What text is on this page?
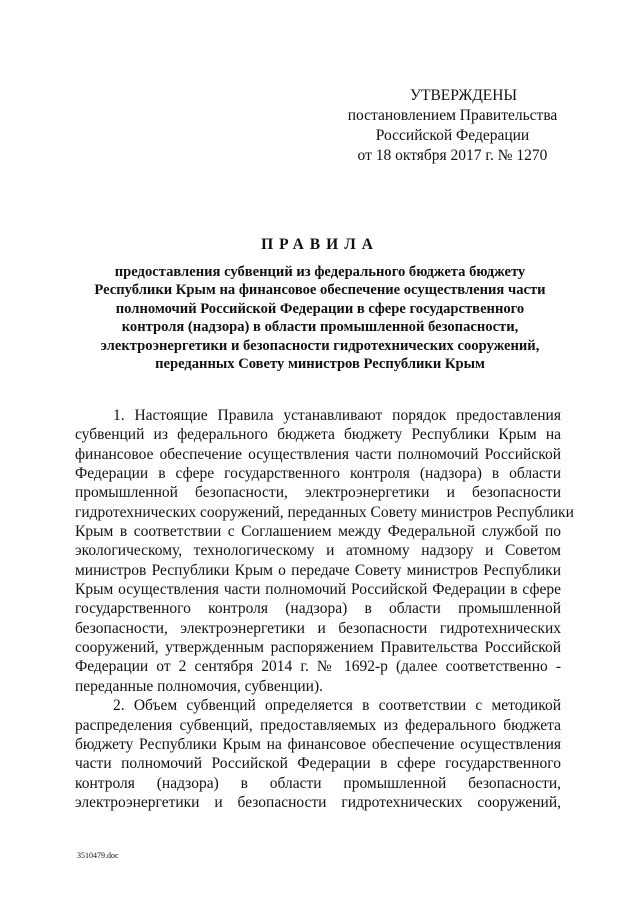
УТВЕРЖДЕНЫ
постановлением Правительства
Российской Федерации
от 18 октября 2017 г. № 1270
ПРАВИЛА
предоставления субвенций из федерального бюджета бюджету
Республики Крым на финансовое обеспечение осуществления части
полномочий Российской Федерации в сфере государственного
контроля (надзора) в области промышленной безопасности,
электроэнергетики и безопасности гидротехнических сооружений,
переданных Совету министров Республики Крым
1. Настоящие Правила устанавливают порядок предоставления
субвенций из федерального бюджета бюджету Республики Крым на
финансовое обеспечение осуществления части полномочий Российской
Федерации в сфере государственного контроля (надзора) в области
промышленной безопасности, электроэнергетики и безопасности
гидротехнических сооружений, переданных Совету министров Республики
Крым в соответствии с Соглашением между Федеральной службой по
экологическому, технологическому и атомному надзору и Советом
министров Республики Крым о передаче Совету министров Республики
Крым осуществления части полномочий Российской Федерации в сфере
государственного контроля (надзора) в области промышленной
безопасности, электроэнергетики и безопасности гидротехнических
сооружений, утвержденным распоряжением Правительства Российской
Федерации от 2 сентября 2014 г. № 1692-р (далее соответственно -
переданные полномочия, субвенции).
2. Объем субвенций определяется в соответствии с методикой
распределения субвенций, предоставляемых из федерального бюджета
бюджету Республики Крым на финансовое обеспечение осуществления
части полномочий Российской Федерации в сфере государственного
контроля (надзора) в области промышленной безопасности,
электроэнергетики и безопасности гидротехнических сооружений,
3510479.doc
